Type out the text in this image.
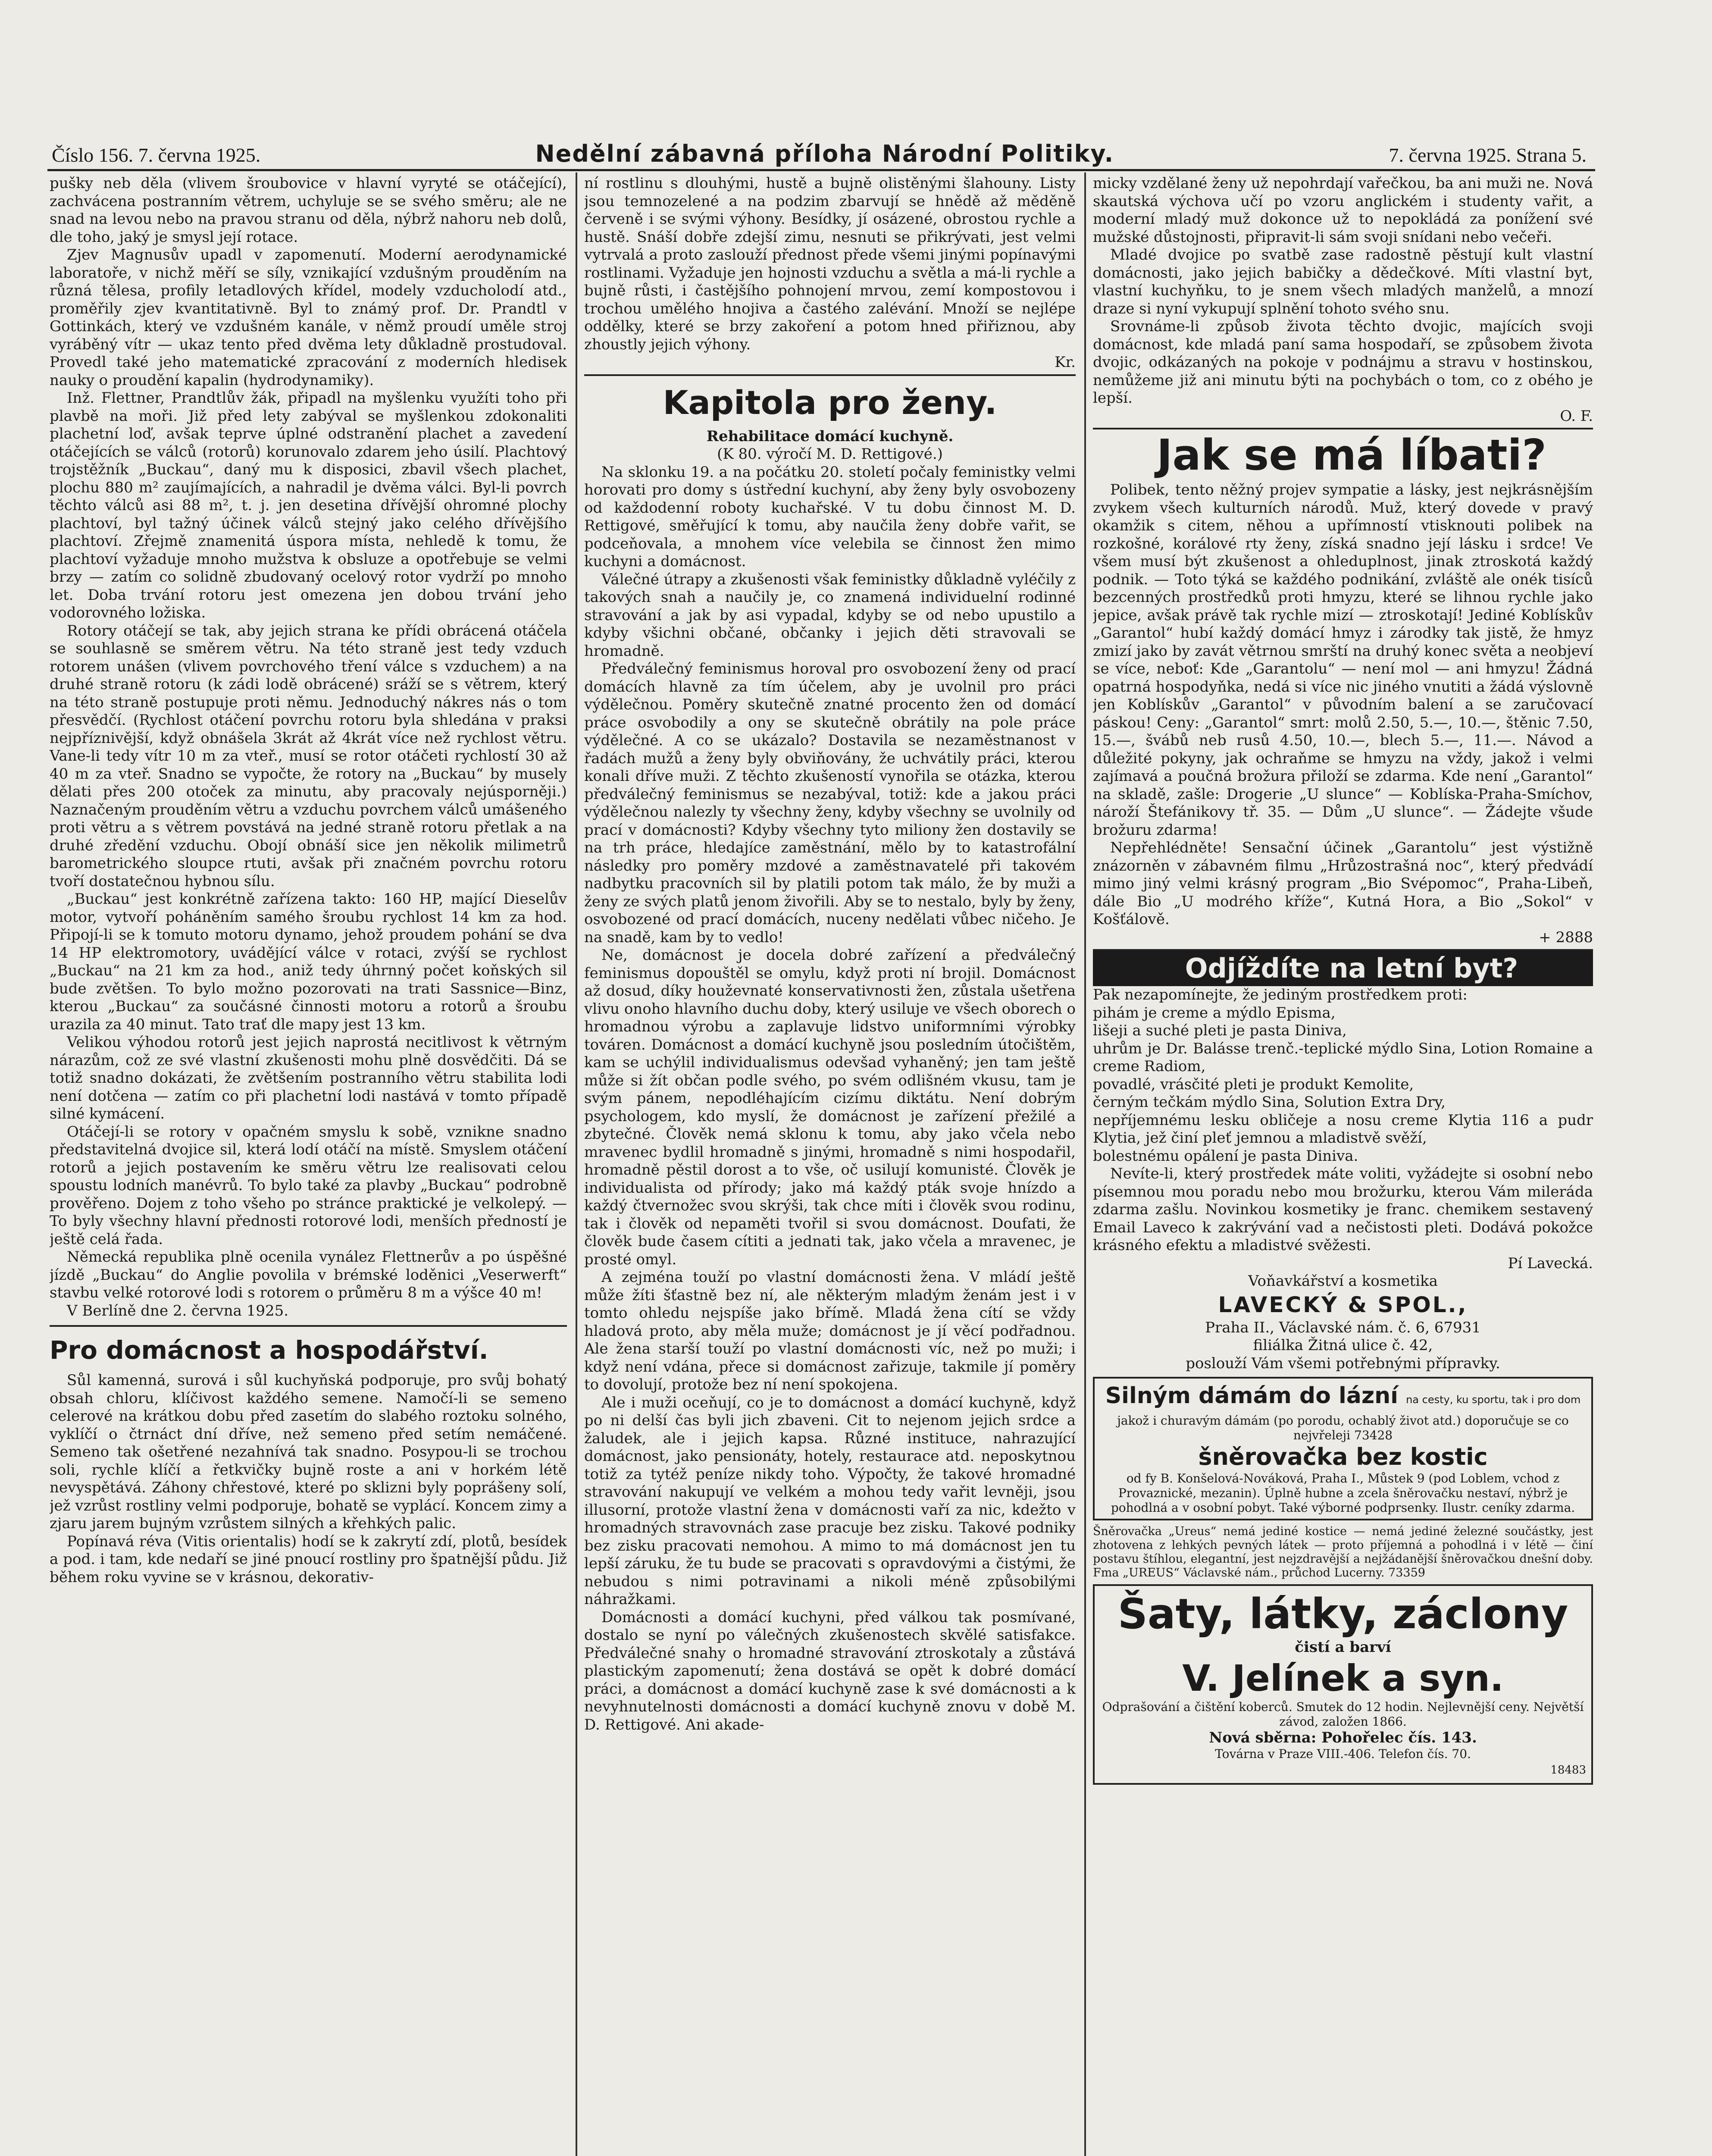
Číslo 156. 7. června 1925.	Nedělní zábavná příloha Národní Politiky.	7. června 1925. Strana 5.

pušky neb děla (vlivem šroubovice v hlavní vyryté se otáčející), zachvácena postranním větrem, uchyluje se se svého směru; ale ne snad na levou nebo na pravou stranu od děla, nýbrž nahoru neb dolů, dle toho, jaký je smysl její rotace.

Zjev Magnusův upadl v zapomenutí. Moderní aerodynamické laboratoře, v nichž měří se síly, vznikající vzdušným prouděním na různá tělesa, profily letadlových křídel, modely vzducholodí atd., proměřily zjev kvantitativně. Byl to známý prof. Dr. Prandtl v Gottinkách, který ve vzdušném kanále, v němž proudí uměle stroj vyráběný vítr — ukaz tento před dvěma lety důkladně prostudoval. Provedl také jeho matematické zpracování z moderních hledisek nauky o proudění kapalin (hydrodynamiky).

Inž. Flettner, Prandtlův žák, připadl na myšlenku využíti toho při plavbě na moři. Již před lety zabýval se myšlenkou zdokonaliti plachetní loď, avšak teprve úplné odstranění plachet a zavedení otáčejících se válců (rotorů) korunovalo zdarem jeho úsilí. Plachtový trojstěžník „Buckau“, daný mu k disposici, zbavil všech plachet, plochu 880 m² zaujímajících, a nahradil je dvěma válci. Byl-li povrch těchto válců asi 88 m², t. j. jen desetina dřívější ohromné plochy plachtoví, byl tažný účinek válců stejný jako celého dřívějšího plachtoví. Zřejmě znamenitá úspora místa, nehledě k tomu, že plachtoví vyžaduje mnoho mužstva k obsluze a opotřebuje se velmi brzy — zatím co solidně zbudovaný ocelový rotor vydrží po mnoho let. Doba trvání rotoru jest omezena jen dobou trvání jeho vodorovného ložiska.

Rotory otáčejí se tak, aby jejich strana ke přídi obrácená otáčela se souhlasně se směrem větru. Na této straně jest tedy vzduch rotorem unášen (vlivem povrchového tření válce s vzduchem) a na druhé straně rotoru (k zádi lodě obrácené) sráží se s větrem, který na této straně postupuje proti němu. Jednoduchý nákres nás o tom přesvědčí. (Rychlost otáčení povrchu rotoru byla shledána v praksi nejpříznivější, když obnášela 3krát až 4krát více než rychlost větru. Vane-li tedy vítr 10 m za vteř., musí se rotor otáčeti rychlostí 30 až 40 m za vteř. Snadno se vypočte, že rotory na „Buckau“ by musely dělati přes 200 otoček za minutu, aby pracovaly nejúsporněji.) Naznačeným prouděním větru a vzduchu povrchem válců umášeného proti větru a s větrem povstává na jedné straně rotoru přetlak a na druhé zředění vzduchu. Obojí obnáší sice jen několik milimetrů barometrického sloupce rtuti, avšak při značném povrchu rotoru tvoří dostatečnou hybnou sílu.

„Buckau“ jest konkrétně zařízena takto: 160 HP, mající Dieselův motor, vytvoří poháněním samého šroubu rychlost 14 km za hod. Připojí-li se k tomuto motoru dynamo, jehož proudem pohání se dva 14 HP elektromotory, uvádějící válce v rotaci, zvýší se rychlost „Buckau“ na 21 km za hod., aniž tedy úhrnný počet koňských sil bude zvětšen. To bylo možno pozorovati na trati Sassnice—Binz, kterou „Buckau“ za součásné činnosti motoru a rotorů a šroubu urazila za 40 minut. Tato trať dle mapy jest 13 km.

Velikou výhodou rotorů jest jejich naprostá necitlivost k větrným nárazům, což ze své vlastní zkušenosti mohu plně dosvědčiti. Dá se totiž snadno dokázati, že zvětšením postranního větru stabilita lodi není dotčena — zatím co při plachetní lodi nastává v tomto případě silné kymácení.

Otáčejí-li se rotory v opačném smyslu k sobě, vznikne snadno představitelná dvojice sil, která lodí otáčí na místě. Smyslem otáčení rotorů a jejich postavením ke směru větru lze realisovati celou spoustu lodních manévrů. To bylo také za plavby „Buckau“ podrobně prověřeno. Dojem z toho všeho po stránce praktické je velkolepý. — To byly všechny hlavní přednosti rotorové lodi, menších předností je ještě celá řada.

Německá republika plně ocenila vynález Flettnerův a po úspěšné jízdě „Buckau“ do Anglie povolila v brémské loděnici „Veserwerft“ stavbu velké rotorové lodi s rotorem o průměru 8 m a výšce 40 m!

V Berlíně dne 2. června 1925.

Pro domácnost a hospodářství.

Sůl kamenná, surová i sůl kuchyňská podporuje, pro svůj bohatý obsah chloru, klíčivost každého semene. Namočí-li se semeno celerové na krátkou dobu před zasetím do slabého roztoku solného, vyklíčí o čtrnáct dní dříve, než semeno před setím nemáčené. Semeno tak ošetřené nezahnívá tak snadno. Posypou-li se trochou soli, rychle klíčí a řetkvičky bujně roste a ani v horkém létě nevyspětává. Záhony chřestové, které po sklizni byly poprášeny solí, jež vzrůst rostliny velmi podporuje, bohatě se vyplácí. Koncem zimy a zjaru jarem bujným vzrůstem silných a křehkých palic.

Popínavá réva (Vitis orientalis) hodí se k zakrytí zdí, plotů, besídek a pod. i tam, kde nedaří se jiné pnoucí rostliny pro špatnější půdu. Již během roku vyvine se v krásnou, dekorativ-

ní rostlinu s dlouhými, hustě a bujně olistěnými šlahouny. Listy jsou temnozelené a na podzim zbarvují se hnědě až měděně červeně i se svými výhony. Besídky, jí osázené, obrostou rychle a hustě. Snáší dobře zdejší zimu, nesnuti se přikrývati, jest velmi vytrvalá a proto zaslouží přednost přede všemi jinými popínavými rostlinami. Vyžaduje jen hojnosti vzduchu a světla a má-li rychle a bujně růsti, i častějšího pohnojení mrvou, zemí kompostovou i trochou umělého hnojiva a častého zalévání. Množí se nejlépe oddělky, které se brzy zakoření a potom hned přiřiznou, aby zhoustly jejich výhony.

Kr.

Kapitola pro ženy.

Rehabilitace domácí kuchyně.

(K 80. výročí M. D. Rettigové.)

Na sklonku 19. a na počátku 20. století počaly feministky velmi horovati pro domy s ústřední kuchyní, aby ženy byly osvobozeny od každodenní roboty kuchařské. V tu dobu činnost M. D. Rettigové, směřující k tomu, aby naučila ženy dobře vařit, se podceňovala, a mnohem více velebila se činnost žen mimo kuchyni a domácnost.

Válečné útrapy a zkušenosti však feministky důkladně vyléčily z takových snah a naučily je, co znamená individuelní rodinné stravování a jak by asi vypadal, kdyby se od nebo upustilo a kdyby všichni občané, občanky i jejich děti stravovali se hromadně.

Předválečný feminismus horoval pro osvobození ženy od prací domácích hlavně za tím účelem, aby je uvolnil pro práci výdělečnou. Poměry skutečně znatné procento žen od domácí práce osvobodily a ony se skutečně obrátily na pole práce výdělečné. A co se ukázalo? Dostavila se nezaměstnanost v řadách mužů a ženy byly obviňovány, že uchvátily práci, kterou konali dříve muži. Z těchto zkušeností vynořila se otázka, kterou předválečný feminismus se nezabýval, totiž: kde a jakou práci výdělečnou nalezly ty všechny ženy, kdyby všechny se uvolnily od prací v domácnosti? Kdyby všechny tyto miliony žen dostavily se na trh práce, hledajíce zaměstnání, mělo by to katastrofální následky pro poměry mzdové a zaměstnavatelé při takovém nadbytku pracovních sil by platili potom tak málo, že by muži a ženy ze svých platů jenom živořili. Aby se to nestalo, byly by ženy, osvobozené od prací domácích, nuceny nedělati vůbec ničeho. Je na snadě, kam by to vedlo!

Ne, domácnost je docela dobré zařízení a předválečný feminismus dopouštěl se omylu, když proti ní brojil. Domácnost až dosud, díky houževnaté konservativnosti žen, zůstala ušetřena vlivu onoho hlavního duchu doby, který usiluje ve všech oborech o hromadnou výrobu a zaplavuje lidstvo uniformními výrobky továren. Domácnost a domácí kuchyně jsou posledním útočištěm, kam se uchýlil individualismus odevšad vyhaněný; jen tam ještě může si žít občan podle svého, po svém odlišném vkusu, tam je svým pánem, nepodléhajícím cizímu diktátu. Není dobrým psychologem, kdo myslí, že domácnost je zařízení přežilé a zbytečné. Člověk nemá sklonu k tomu, aby jako včela nebo mravenec bydlil hromadně s jinými, hromadně s nimi hospodařil, hromadně pěstil dorost a to vše, oč usilují komunisté. Člověk je individualista od přírody; jako má každý pták svoje hnízdo a každý čtvernožec svou skrýši, tak chce míti i člověk svou rodinu, tak i člověk od nepaměti tvořil si svou domácnost. Doufati, že člověk bude časem cítiti a jednati tak, jako včela a mravenec, je prosté omyl.

A zejména touží po vlastní domácnosti žena. V mládí ještě může žíti šťastně bez ní, ale některým mladým ženám jest i v tomto ohledu nejspíše jako břímě. Mladá žena cítí se vždy hladová proto, aby měla muže; domácnost je jí věcí podřadnou. Ale žena starší touží po vlastní domácnosti víc, než po muži; i když není vdána, přece si domácnost zařizuje, takmile jí poměry to dovolují, protože bez ní není spokojena.

Ale i muži oceňují, co je to domácnost a domácí kuchyně, když po ni delší čas byli jich zbaveni. Cit to nejenom jejich srdce a žaludek, ale i jejich kapsa. Různé instituce, nahrazující domácnost, jako pensionáty, hotely, restaurace atd. neposkytnou totiž za tytéž peníze nikdy toho. Výpočty, že takové hromadné stravování nakupují ve velkém a mohou tedy vařit levněji, jsou illusorní, protože vlastní žena v domácnosti vaří za nic, kdežto v hromadných stravovnách zase pracuje bez zisku. Takové podniky bez zisku pracovati nemohou. A mimo to má domácnost jen tu lepší záruku, že tu bude se pracovati s opravdovými a čistými, že nebudou s nimi potravinami a nikoli méně způsobilými náhražkami.

Domácnosti a domácí kuchyni, před válkou tak posmívané, dostalo se nyní po válečných zkušenostech skvělé satisfakce. Předválečné snahy o hromadné stravování ztroskotaly a zůstává plastickým zapomenutí; žena dostává se opět k dobré domácí práci, a domácnost a domácí kuchyně zase k své domácnosti a k nevyhnutelnosti domácnosti a domácí kuchyně znovu v době M. D. Rettigové. Ani akade-

micky vzdělané ženy už nepohrdají vařečkou, ba ani muži ne. Nová skautská výchova učí po vzoru anglickém i studenty vařit, a moderní mladý muž dokonce už to nepokládá za ponížení své mužské důstojnosti, připravit-li sám svoji snídani nebo večeři.

Mladé dvojice po svatbě zase radostně pěstují kult vlastní domácnosti, jako jejich babičky a dědečkové. Míti vlastní byt, vlastní kuchyňku, to je snem všech mladých manželů, a mnozí draze si nyní vykupují splnění tohoto svého snu.

Srovnáme-li způsob života těchto dvojic, majících svoji domácnost, kde mladá paní sama hospodaří, se způsobem života dvojic, odkázaných na pokoje v podnájmu a stravu v hostinskou, nemůžeme již ani minutu býti na pochybách o tom, co z obého je lepší.

O. F.

Jak se má líbati?

Polibek, tento něžný projev sympatie a lásky, jest nejkrásnějším zvykem všech kulturních národů. Muž, který dovede v pravý okamžik s citem, něhou a upřímností vtisknouti polibek na rozkošné, korálové rty ženy, získá snadno její lásku i srdce! Ve všem musí být zkušenost a ohleduplnost, jinak ztroskotá každý podnik. — Toto týká se každého podnikání, zvláště ale onék tisíců bezcenných prostředků proti hmyzu, které se lihnou rychle jako jepice, avšak právě tak rychle mizí — ztroskotají! Jediné Koblískův „Garantol“ hubí každý domácí hmyz i zárodky tak jistě, že hmyz zmizí jako by zavát větrnou smrští na druhý konec světa a neobjeví se více, neboť: Kde „Garantolu“ — není mol — ani hmyzu! Žádná opatrná hospodyňka, nedá si více nic jiného vnutiti a žádá výslovně jen Koblískův „Garantol“ v původním balení a se zaručovací páskou! Ceny: „Garantol“ smrt: molů 2.50, 5.—, 10.—, štěnic 7.50, 15.—, švábů neb rusů 4.50, 10.—, blech 5.—, 11.—. Návod a důležité pokyny, jak ochraňme se hmyzu na vždy, jakož i velmi zajímavá a poučná brožura přiloží se zdarma. Kde není „Garantol“ na skladě, zašle: Drogerie „U slunce“ — Koblíska-Praha-Smíchov, nároží Štefánikovy tř. 35. — Dům „U slunce“. — Žádejte všude brožuru zdarma!

Nepřehlédněte! Sensační účinek „Garantolu“ jest výstižně znázorněn v zábavném filmu „Hrůzostrašná noc“, který předvádí mimo jiný velmi krásný program „Bio Svépomoc“, Praha-Libeň, dále Bio „U modrého kříže“, Kutná Hora, a Bio „Sokol“ v Košťálově.

+ 2888

Odjíždíte na letní byt?

Pak nezapomínejte, že jediným prostředkem proti:

pihám je creme a mýdlo Episma,

lišeji a suché pleti je pasta Diniva,

uhrům je Dr. Balásse trenč.-teplické mýdlo Sina, Lotion Romaine a creme Radiom,

povadlé, vrásčité pleti je produkt Kemolite,

černým tečkám mýdlo Sina, Solution Extra Dry,

nepříjemnému lesku obličeje a nosu creme Klytia 116 a pudr Klytia, jež činí pleť jemnou a mladistvě svěží,

bolestnému opálení je pasta Diniva.

Nevíte-li, který prostředek máte voliti, vyžádejte si osobní nebo písemnou mou poradu nebo mou brožurku, kterou Vám mileráda zdarma zašlu. Novinkou kosmetiky je franc. chemikem sestavený Email Laveco k zakrývání vad a nečistosti pleti. Dodává pokožce krásného efektu a mladistvé svěžesti.

Pí Lavecká.

Voňavkářství a kosmetika

LAVECKÝ & SPOL.,

Praha II., Václavské nám. č. 6, 67931

filiálka Žitná ulice č. 42,

poslouží Vám všemi potřebnými přípravky.

Silným dámám do lázní na cesty, ku sportu, tak i pro dom

jakož i churavým dámám (po porodu, ochablý život atd.) doporučuje se co nejvřeleji 73428

šněrovačka bez kostic

od fy B. Konšelová-Nováková, Praha I., Můstek 9 (pod Loblem, vchod z Provaznické, mezanin). Úplně hubne a zcela šněrovačku nestaví, nýbrž je pohodlná a v osobní pobyt. Také výborné podprsenky. Ilustr. ceníky zdarma.

Šněrovačka „Ureus“ nemá jediné kostice — nemá jediné železné součástky, jest zhotovena z lehkých pevných látek — proto příjemná a pohodlná i v létě — činí postavu štíhlou, elegantní, jest nejzdravější a nejžádanější šněrovačkou dnešní doby. Fma „UREUS“ Václavské nám., průchod Lucerny. 73359

Šaty, látky, záclony

čistí a barví

V. Jelínek a syn.

Odprašování a čištění koberců. Smutek do 12 hodin. Nejlevnější ceny. Největší závod, založen 1866.

Nová sběrna: Pohořelec čís. 143.

Továrna v Praze VIII.-406. Telefon čís. 70.

18483
